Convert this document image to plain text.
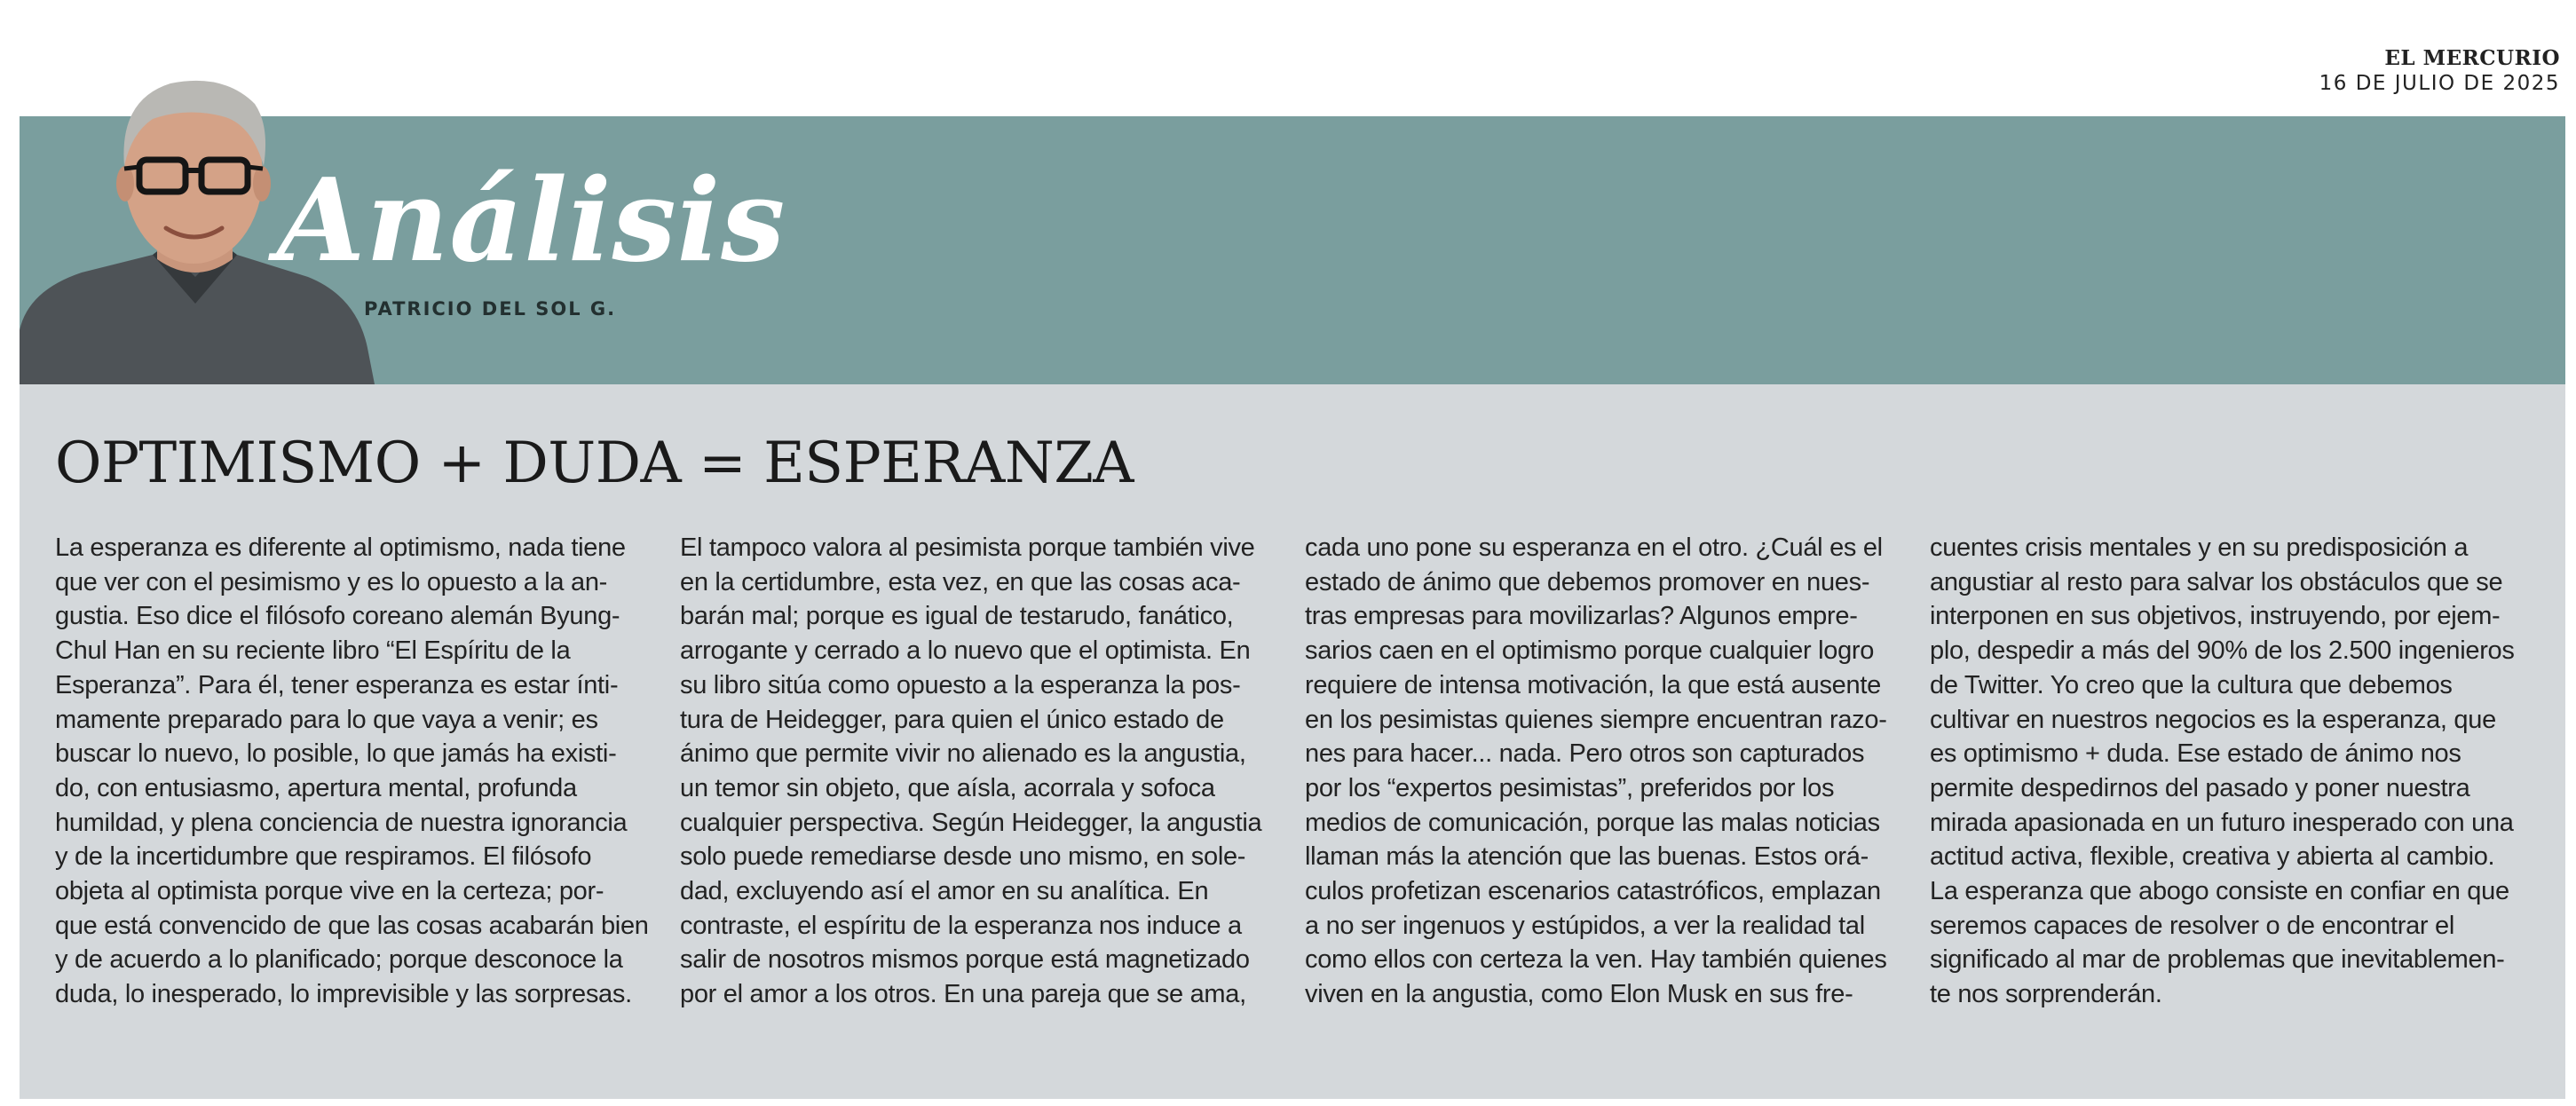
EL MERCURIO
16 DE JULIO DE 2025
Análisis
PATRICIO DEL SOL G.
OPTIMISMO + DUDA = ESPERANZA
La esperanza es diferente al optimismo, nada tiene
que ver con el pesimismo y es lo opuesto a la an-
gustia. Eso dice el filósofo coreano alemán Byung-
Chul Han en su reciente libro “El Espíritu de la
Esperanza”. Para él, tener esperanza es estar ínti-
mamente preparado para lo que vaya a venir; es
buscar lo nuevo, lo posible, lo que jamás ha existi-
do, con entusiasmo, apertura mental, profunda
humildad, y plena conciencia de nuestra ignorancia
y de la incertidumbre que respiramos. El filósofo
objeta al optimista porque vive en la certeza; por-
que está convencido de que las cosas acabarán bien
y de acuerdo a lo planificado; porque desconoce la
duda, lo inesperado, lo imprevisible y las sorpresas.
El tampoco valora al pesimista porque también vive
en la certidumbre, esta vez, en que las cosas aca-
barán mal; porque es igual de testarudo, fanático,
arrogante y cerrado a lo nuevo que el optimista. En
su libro sitúa como opuesto a la esperanza la pos-
tura de Heidegger, para quien el único estado de
ánimo que permite vivir no alienado es la angustia,
un temor sin objeto, que aísla, acorrala y sofoca
cualquier perspectiva. Según Heidegger, la angustia
solo puede remediarse desde uno mismo, en sole-
dad, excluyendo así el amor en su analítica. En
contraste, el espíritu de la esperanza nos induce a
salir de nosotros mismos porque está magnetizado
por el amor a los otros. En una pareja que se ama,
cada uno pone su esperanza en el otro. ¿Cuál es el
estado de ánimo que debemos promover en nues-
tras empresas para movilizarlas? Algunos empre-
sarios caen en el optimismo porque cualquier logro
requiere de intensa motivación, la que está ausente
en los pesimistas quienes siempre encuentran razo-
nes para hacer... nada. Pero otros son capturados
por los “expertos pesimistas”, preferidos por los
medios de comunicación, porque las malas noticias
llaman más la atención que las buenas. Estos orá-
culos profetizan escenarios catastróficos, emplazan
a no ser ingenuos y estúpidos, a ver la realidad tal
como ellos con certeza la ven. Hay también quienes
viven en la angustia, como Elon Musk en sus fre-
cuentes crisis mentales y en su predisposición a
angustiar al resto para salvar los obstáculos que se
interponen en sus objetivos, instruyendo, por ejem-
plo, despedir a más del 90% de los 2.500 ingenieros
de Twitter. Yo creo que la cultura que debemos
cultivar en nuestros negocios es la esperanza, que
es optimismo + duda. Ese estado de ánimo nos
permite despedirnos del pasado y poner nuestra
mirada apasionada en un futuro inesperado con una
actitud activa, flexible, creativa y abierta al cambio.
La esperanza que abogo consiste en confiar en que
seremos capaces de resolver o de encontrar el
significado al mar de problemas que inevitablemen-
te nos sorprenderán.
